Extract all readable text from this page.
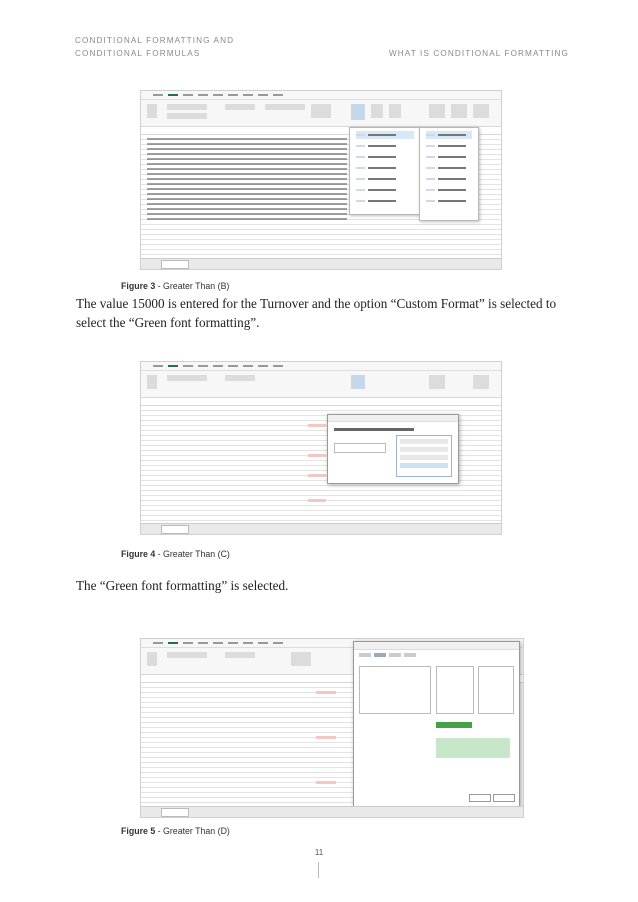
CONDITIONAL FORMATTING AND
CONDITIONAL FORMULAS	WHAT IS CONDITIONAL FORMATTING
Figure 3 - Greater Than (B)

The value 15000 is entered for the Turnover and the option “Custom Format” is selected to select the “Green font formatting”.

Figure 4 - Greater Than (C)

The “Green font formatting” is selected.

Figure 5 - Greater Than (D)
11
